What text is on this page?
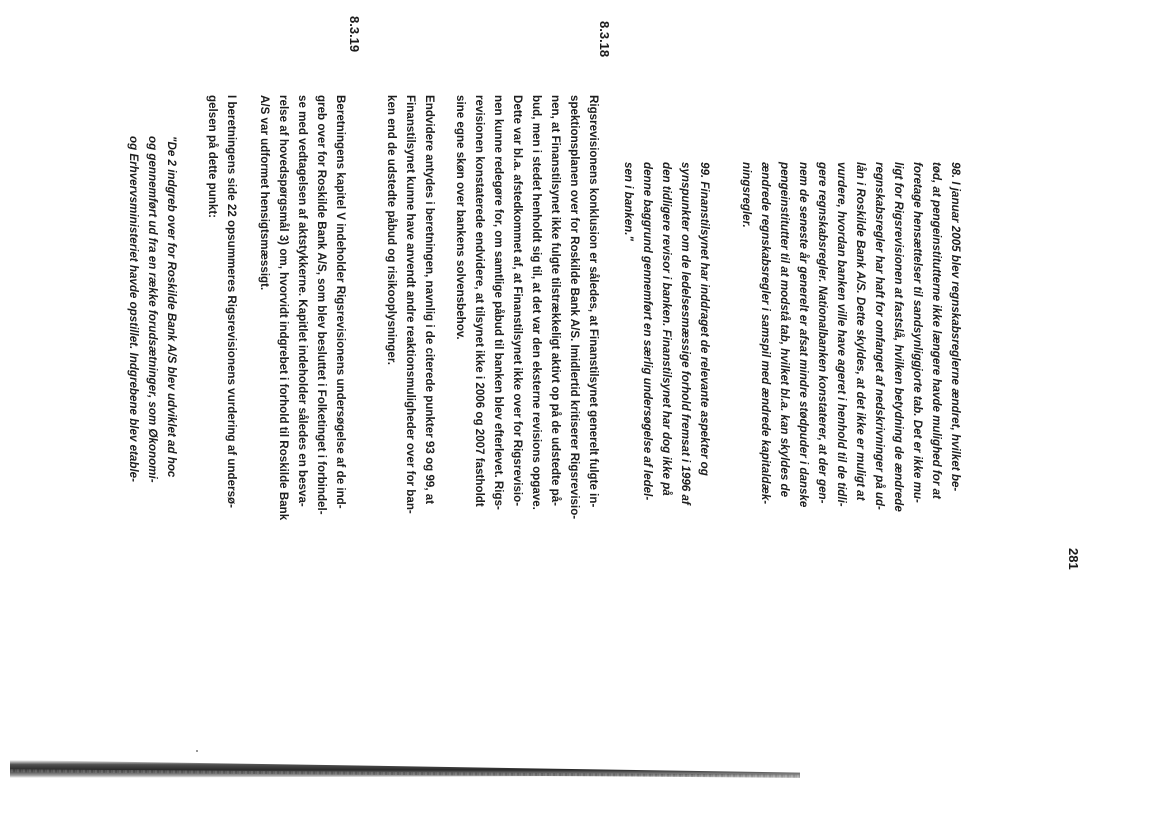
281
8.3.18
8.3.19

98. I januar 2005 blev regnskabsreglerne ændret, hvilket be-

tød, at pengeinstitutterne ikke længere havde mulighed for at

foretage hensættelser til sandsynliggjorte tab. Det er ikke mu-

ligt for Rigsrevisionen at fastslå, hvilken betydning de ændrede

regnskabsregler har haft for omfanget af nedskrivninger på ud-

lån i Roskilde Bank A/S. Dette skyldes, at det ikke er muligt at

vurdere, hvordan banken ville have ageret i henhold til de tidli-

gere regnskabsregler. Nationalbanken konstaterer, at der gen-

nem de seneste år generelt er afsat mindre stødpuder i danske

pengeinstitutter til at modstå tab, hvilket bl.a. kan skyldes de

ændrede regnskabsregler i samspil med ændrede kapitaldæk-

ningsregler.

99. Finanstilsynet har inddraget de relevante aspekter og

synspunkter om de ledelsesmæssige forhold fremsat i 1996 af

den tidligere revisor i banken. Finanstilsynet har dog ikke på

denne baggrund gennemført en særlig undersøgelse af ledel-

sen i banken."

Rigsrevisionens konklusion er således, at Finanstilsynet generelt fulgte in-

spektionsplanen over for Roskilde Bank A/S. Imidlertid kritiserer Rigsrevisio-

nen, at Finanstilsynet ikke fulgte tilstrækkeligt aktivt op på de udstedte på-

bud, men i stedet henholdt sig til, at det var den eksterne revisions opgave.

Dette var bl.a. afstedkommet af, at Finanstilsynet ikke over for Rigsrevisio-

nen kunne redegøre for, om samtlige påbud til banken blev efterlevet. Rigs-

revisionen konstaterede endvidere, at tilsynet ikke i 2006 og 2007 fastholdt

sine egne skøn over bankens solvensbehov.

Endvidere antydes i beretningen, navnlig i de citerede punkter 93 og 99, at

Finanstilsynet kunne have anvendt andre reaktionsmuligheder over for ban-

ken end de udstedte påbud og risikooplysninger.

Beretningens kapitel V indeholder Rigsrevisionens undersøgelse af de ind-

greb over for Roskilde Bank A/S, som blev besluttet i Folketinget i forbindel-

se med vedtagelsen af aktstykkerne. Kapitlet indeholder således en besva-

relse af hovedspørgsmål 3) om, hvorvidt indgrebet i forhold til Roskilde Bank

A/S var udformet hensigtsmæssigt.

I beretningens side 22 opsummeres Rigsrevisionens vurdering af undersø-

gelsen på dette punkt:

"De 2 indgreb over for Roskilde Bank A/S blev udviklet ad hoc

og gennemført ud fra en række forudsætninger, som Økonomi-

og Erhvervsministeriet havde opstillet. Indgrebene blev etable-
